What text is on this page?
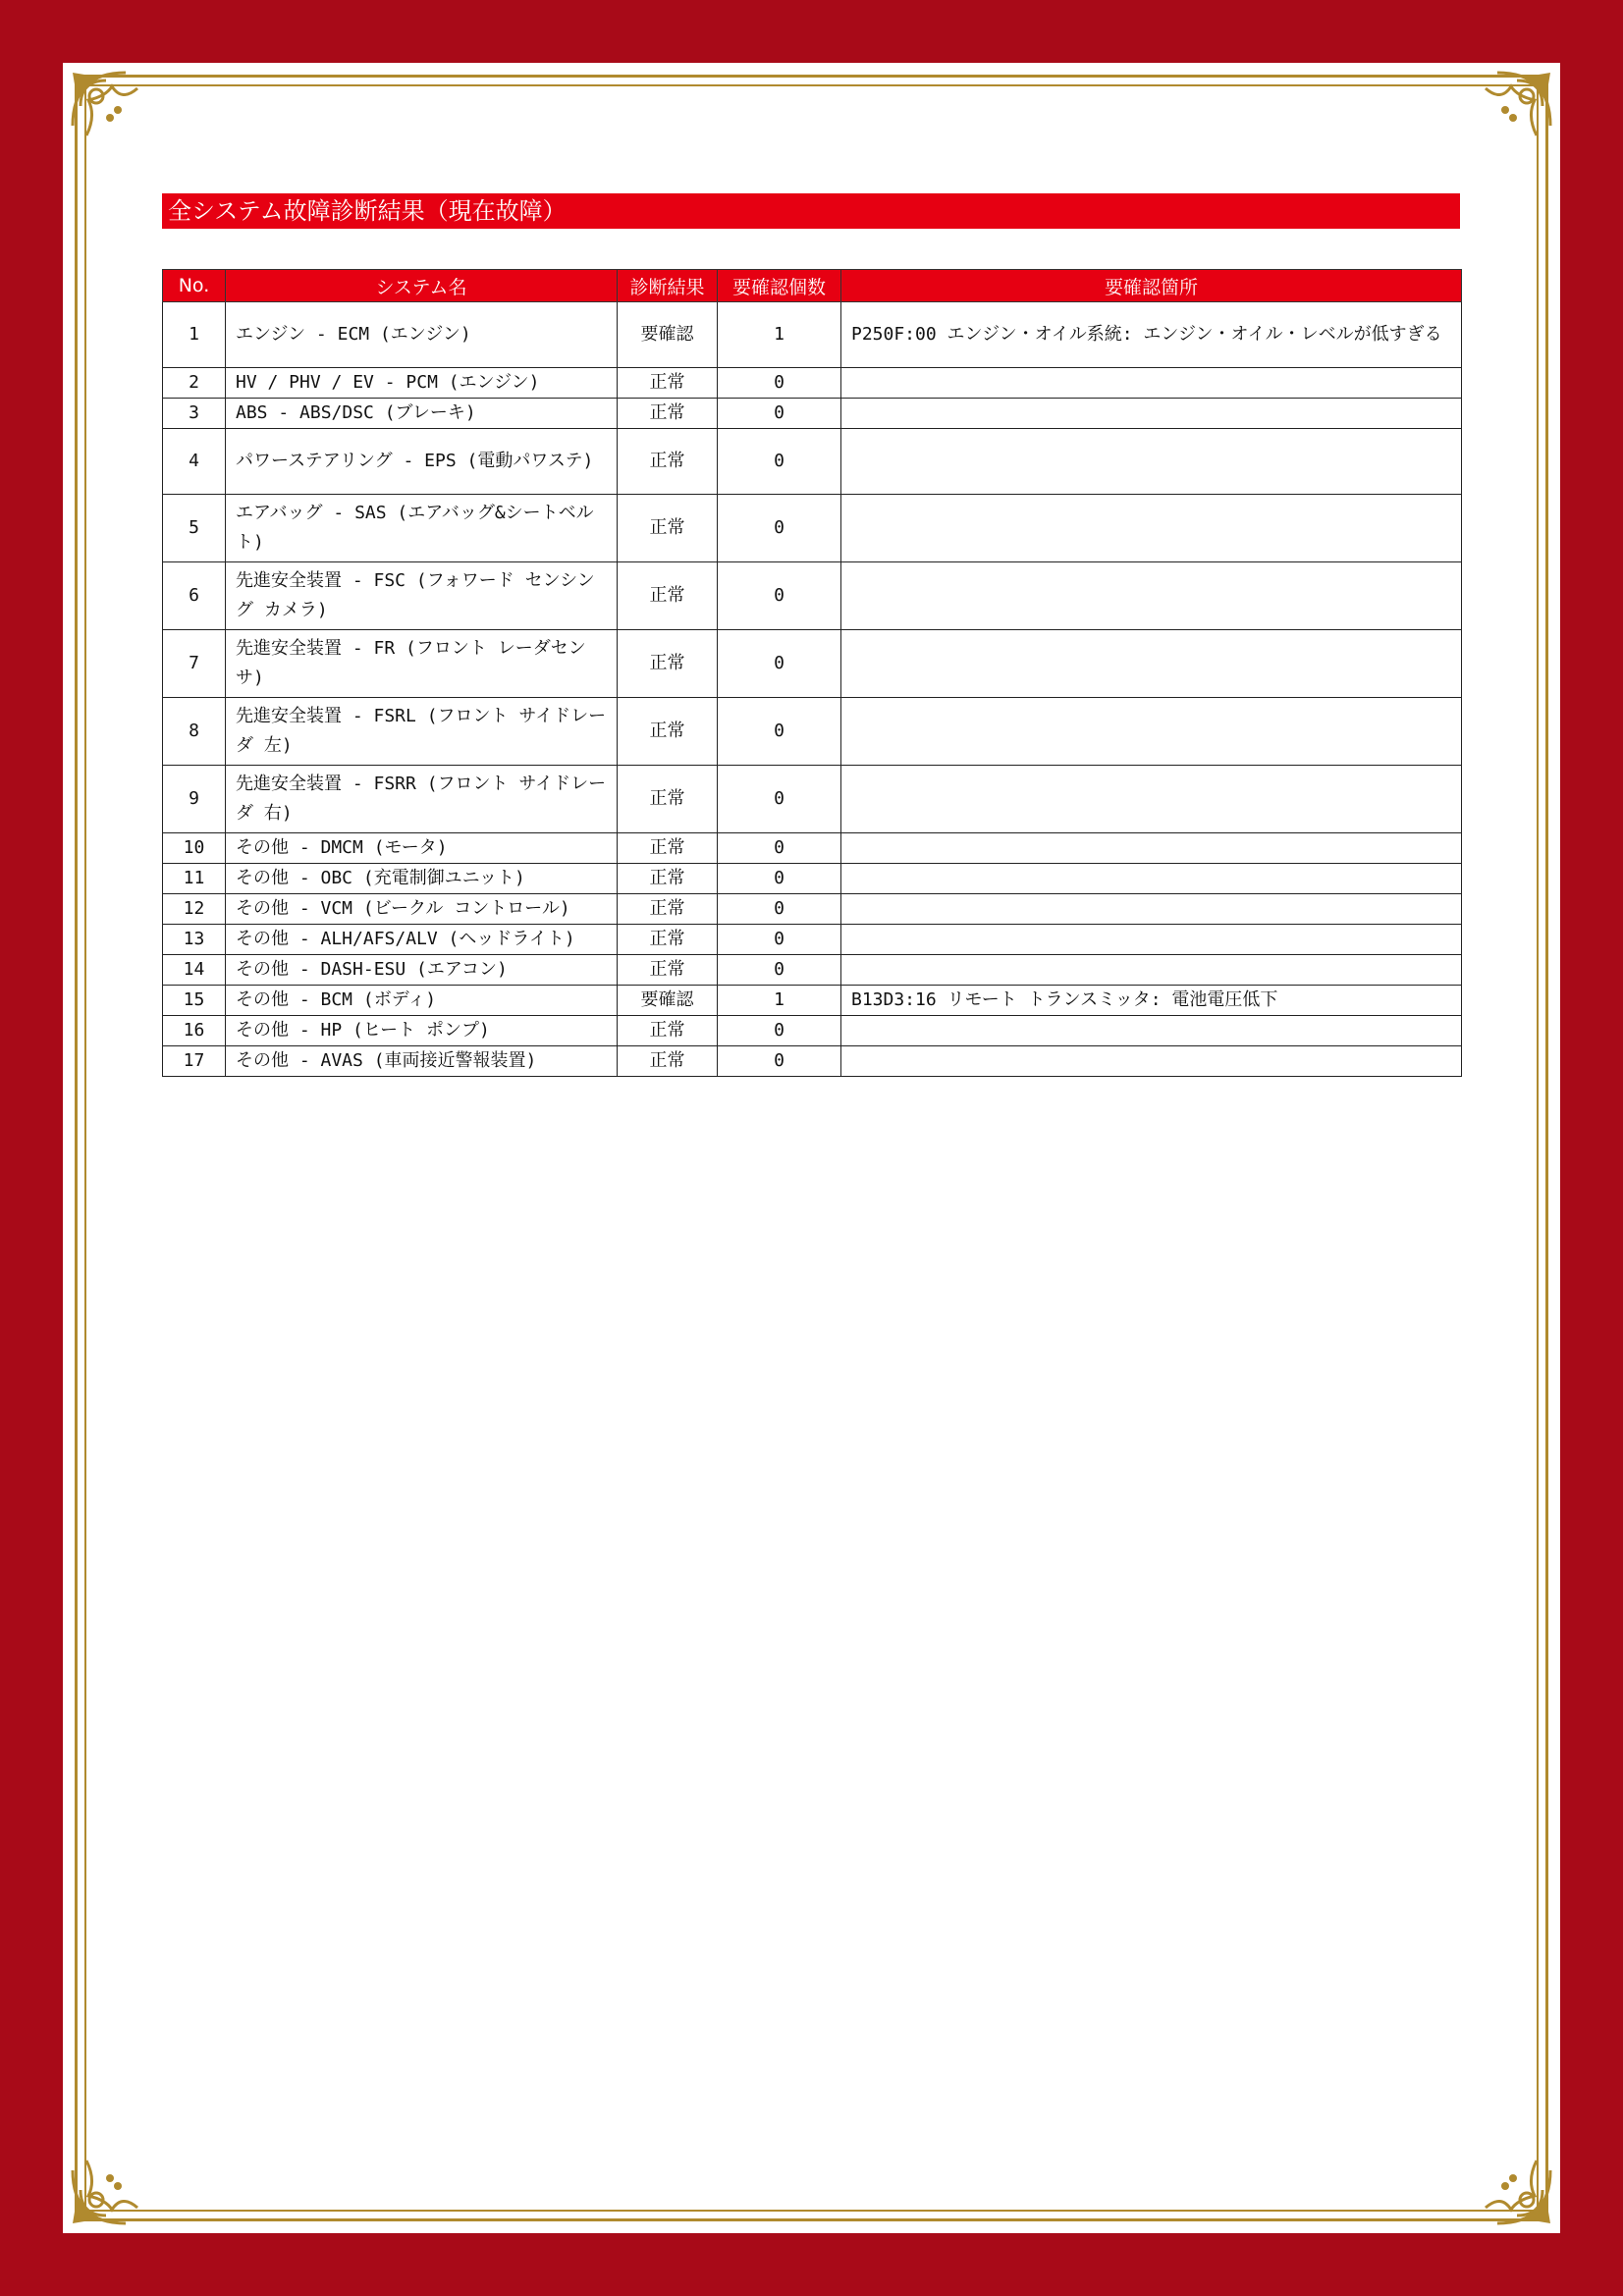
全システム故障診断結果（現在故障）
No.	システム名	診断結果	要確認個数	要確認箇所
1	エンジン - ECM (エンジン)	要確認	1	P250F:00 エンジン・オイル系統: エンジン・オイル・レベルが低すぎる
2	HV / PHV / EV - PCM (エンジン)	正常	0	
3	ABS - ABS/DSC (ブレーキ)	正常	0	
4	パワーステアリング - EPS (電動パワステ)	正常	0	
5	エアバッグ - SAS (エアバッグ&シートベルト)	正常	0	
6	先進安全装置 - FSC (フォワード センシング カメラ)	正常	0	
7	先進安全装置 - FR (フロント レーダセンサ)	正常	0	
8	先進安全装置 - FSRL (フロント サイドレーダ 左)	正常	0	
9	先進安全装置 - FSRR (フロント サイドレーダ 右)	正常	0	
10	その他 - DMCM (モータ)	正常	0	
11	その他 - OBC (充電制御ユニット)	正常	0	
12	その他 - VCM (ビークル コントロール)	正常	0	
13	その他 - ALH/AFS/ALV (ヘッドライト)	正常	0	
14	その他 - DASH-ESU (エアコン)	正常	0	
15	その他 - BCM (ボディ)	要確認	1	B13D3:16 リモート トランスミッタ: 電池電圧低下
16	その他 - HP (ヒート ポンプ)	正常	0	
17	その他 - AVAS (車両接近警報装置)	正常	0	
